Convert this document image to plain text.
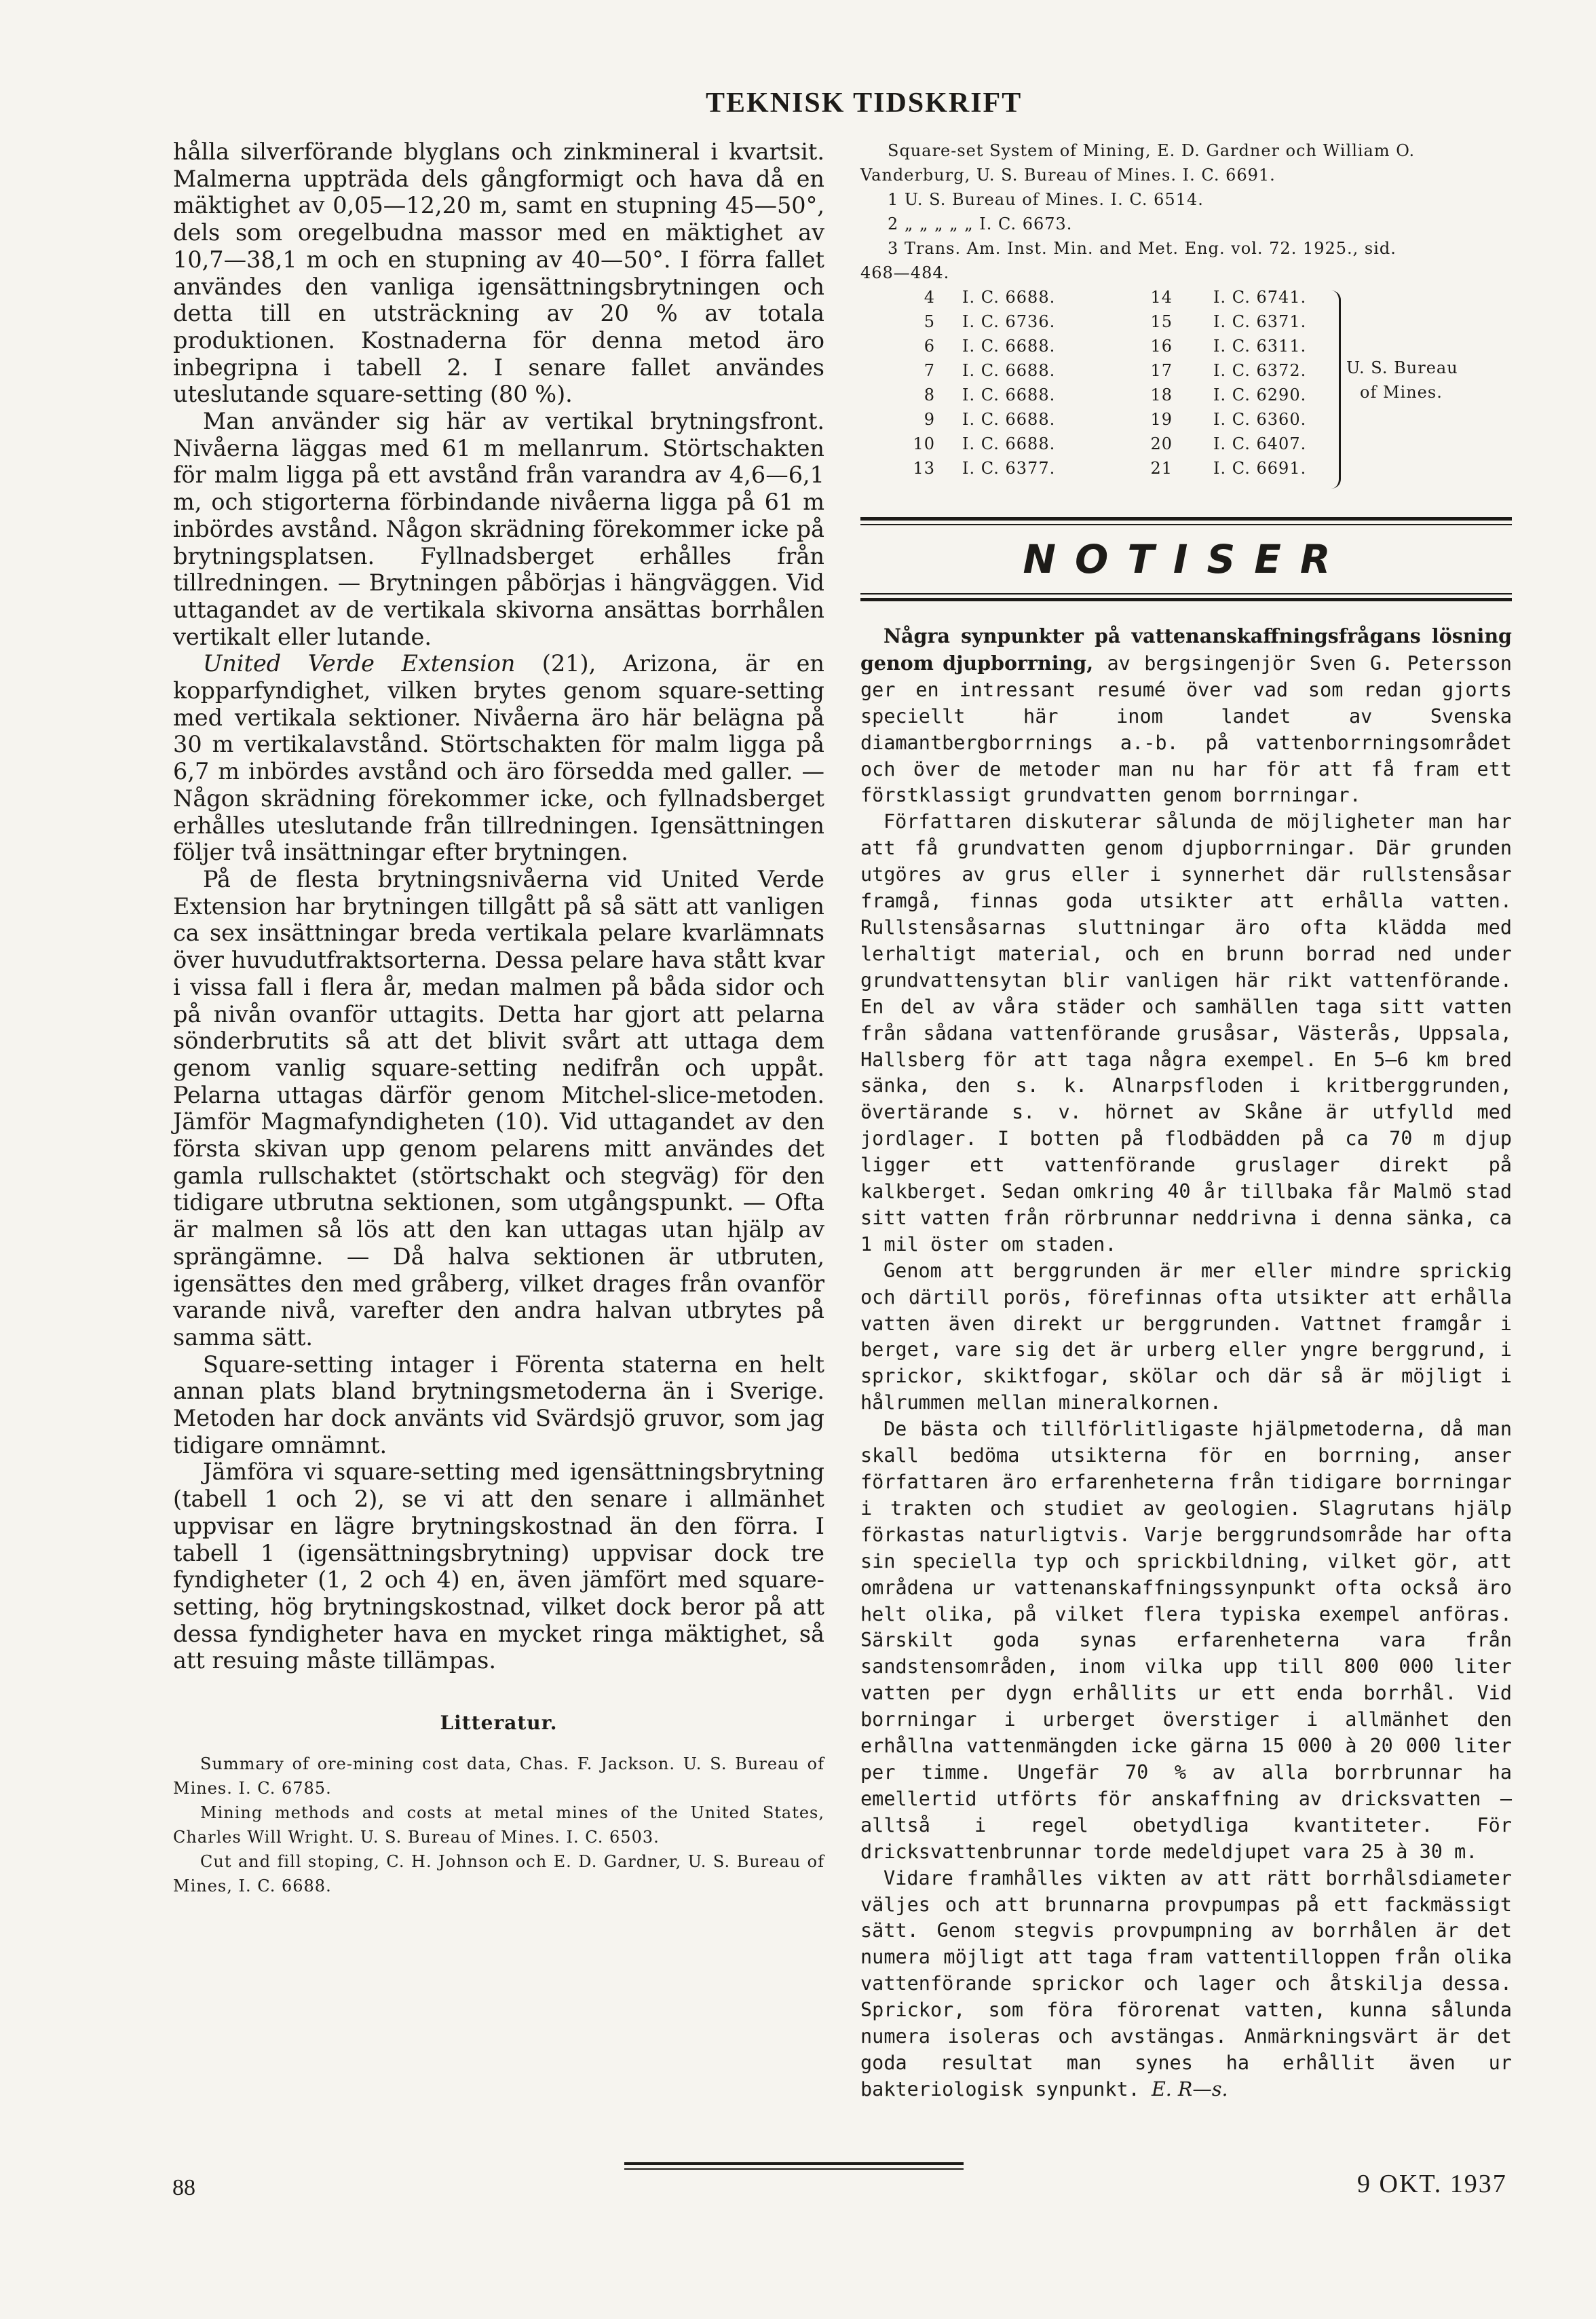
TEKNISK TIDSKRIFT

hålla silverförande blyglans och zinkmineral i kvartsit. Malmerna uppträda dels gångformigt och hava då en mäktighet av 0,05—12,20 m, samt en stupning 45—50°, dels som oregelbudna massor med en mäktighet av 10,7—38,1 m och en stupning av 40—50°. I förra fallet användes den vanliga igensättningsbrytningen och detta till en utsträckning av 20 % av totala produktionen. Kostnaderna för denna metod äro inbegripna i tabell 2. I senare fallet användes uteslutande square-setting (80 %).

Man använder sig här av vertikal brytningsfront. Nivåerna läggas med 61 m mellanrum. Störtschakten för malm ligga på ett avstånd från varandra av 4,6—6,1 m, och stigorterna förbindande nivåerna ligga på 61 m inbördes avstånd. Någon skrädning förekommer icke på brytningsplatsen. Fyllnadsberget erhålles från tillredningen. — Brytningen påbörjas i hängväggen. Vid uttagandet av de vertikala skivorna ansättas borrhålen vertikalt eller lutande.

United Verde Extension (21), Arizona, är en kopparfyndighet, vilken brytes genom square-setting med vertikala sektioner. Nivåerna äro här belägna på 30 m vertikalavstånd. Störtschakten för malm ligga på 6,7 m inbördes avstånd och äro försedda med galler. — Någon skrädning förekommer icke, och fyllnadsberget erhålles uteslutande från tillredningen. Igensättningen följer två insättningar efter brytningen.

På de flesta brytningsnivåerna vid United Verde Extension har brytningen tillgått på så sätt att vanligen ca sex insättningar breda vertikala pelare kvarlämnats över huvudutfraktsorterna. Dessa pelare hava stått kvar i vissa fall i flera år, medan malmen på båda sidor och på nivån ovanför uttagits. Detta har gjort att pelarna sönderbrutits så att det blivit svårt att uttaga dem genom vanlig square-setting nedifrån och uppåt. Pelarna uttagas därför genom Mitchel-slice-metoden. Jämför Magmafyndigheten (10). Vid uttagandet av den första skivan upp genom pelarens mitt användes det gamla rullschaktet (störtschakt och stegväg) för den tidigare utbrutna sektionen, som utgångspunkt. — Ofta är malmen så lös att den kan uttagas utan hjälp av sprängämne. — Då halva sektionen är utbruten, igensättes den med gråberg, vilket drages från ovanför varande nivå, varefter den andra halvan utbrytes på samma sätt.

Square-setting intager i Förenta staterna en helt annan plats bland brytningsmetoderna än i Sverige. Metoden har dock använts vid Svärdsjö gruvor, som jag tidigare omnämnt.

Jämföra vi square-setting med igensättningsbrytning (tabell 1 och 2), se vi att den senare i allmänhet uppvisar en lägre brytningskostnad än den förra. I tabell 1 (igensättningsbrytning) uppvisar dock tre fyndigheter (1, 2 och 4) en, även jämfört med square-setting, hög brytningskostnad, vilket dock beror på att dessa fyndigheter hava en mycket ringa mäktighet, så att resuing måste tillämpas.

Litteratur.

Summary of ore-mining cost data, Chas. F. Jackson. U. S. Bureau of Mines. I. C. 6785.

Mining methods and costs at metal mines of the United States, Charles Will Wright. U. S. Bureau of Mines. I. C. 6503.

Cut and fill stoping, C. H. Johnson och E. D. Gardner, U. S. Bureau of Mines, I. C. 6688.

Square-set System of Mining, E. D. Gardner och William O. Vanderburg, U. S. Bureau of Mines. I. C. 6691.

1 U. S. Bureau of Mines. I. C. 6514.

2 „ „ „ „ „ I. C. 6673.

3 Trans. Am. Inst. Min. and Met. Eng. vol. 72. 1925., sid.

468—484.

4
5
6
7
8
9
10
13
I. C. 6688.
I. C. 6736.
I. C. 6688.
I. C. 6688.
I. C. 6688.
I. C. 6688.
I. C. 6688.
I. C. 6377.
14
15
16
17
18
19
20
21
I. C. 6741.
I. C. 6371.
I. C. 6311.
I. C. 6372.
I. C. 6290.
I. C. 6360.
I. C. 6407.
I. C. 6691.
U. S. Bureau
of Mines.
NOTISER

Några synpunkter på vattenanskaffningsfrågans lösning genom djupborrning, av bergsingenjör Sven G. Petersson ger en intressant resumé över vad som redan gjorts speciellt här inom landet av Svenska diamantbergborrnings a.-b. på vattenborrningsområdet och över de metoder man nu har för att få fram ett förstklassigt grundvatten genom borrningar.

Författaren diskuterar sålunda de möjligheter man har att få grundvatten genom djupborrningar. Där grunden utgöres av grus eller i synnerhet där rullstensåsar framgå, finnas goda utsikter att erhålla vatten. Rullstensåsarnas sluttningar äro ofta klädda med lerhaltigt material, och en brunn borrad ned under grundvattensytan blir vanligen här rikt vattenförande. En del av våra städer och samhällen taga sitt vatten från sådana vattenförande grusåsar, Västerås, Uppsala, Hallsberg för att taga några exempel. En 5—6 km bred sänka, den s. k. Alnarpsfloden i kritberggrunden, övertärande s. v. hörnet av Skåne är utfylld med jordlager. I botten på flodbädden på ca 70 m djup ligger ett vattenförande gruslager direkt på kalkberget. Sedan omkring 40 år tillbaka får Malmö stad sitt vatten från rörbrunnar neddrivna i denna sänka, ca 1 mil öster om staden.

Genom att berggrunden är mer eller mindre sprickig och därtill porös, förefinnas ofta utsikter att erhålla vatten även direkt ur berggrunden. Vattnet framgår i berget, vare sig det är urberg eller yngre berggrund, i sprickor, skiktfogar, skölar och där så är möjligt i hålrummen mellan mineralkornen.

De bästa och tillförlitligaste hjälpmetoderna, då man skall bedöma utsikterna för en borrning, anser författaren äro erfarenheterna från tidigare borrningar i trakten och studiet av geologien. Slagrutans hjälp förkastas naturligtvis. Varje berggrundsområde har ofta sin speciella typ och sprickbildning, vilket gör, att områdena ur vattenanskaffningssynpunkt ofta också äro helt olika, på vilket flera typiska exempel anföras. Särskilt goda synas erfarenheterna vara från sandstensområden, inom vilka upp till 800 000 liter vatten per dygn erhållits ur ett enda borrhål. Vid borrningar i urberget överstiger i allmänhet den erhållna vattenmängden icke gärna 15 000 à 20 000 liter per timme. Ungefär 70 % av alla borrbrunnar ha emellertid utförts för anskaffning av dricksvatten — alltså i regel obetydliga kvantiteter. För dricksvattenbrunnar torde medeldjupet vara 25 à 30 m.

Vidare framhålles vikten av att rätt borrhålsdiameter väljes och att brunnarna provpumpas på ett fackmässigt sätt. Genom stegvis provpumpning av borrhålen är det numera möjligt att taga fram vattentilloppen från olika vattenförande sprickor och lager och åtskilja dessa. Sprickor, som föra förorenat vatten, kunna sålunda numera isoleras och avstängas. Anmärkningsvärt är det goda resultat man synes ha erhållit även ur bakteriologisk synpunkt. E. R—s.

88	9 OKT. 1937
